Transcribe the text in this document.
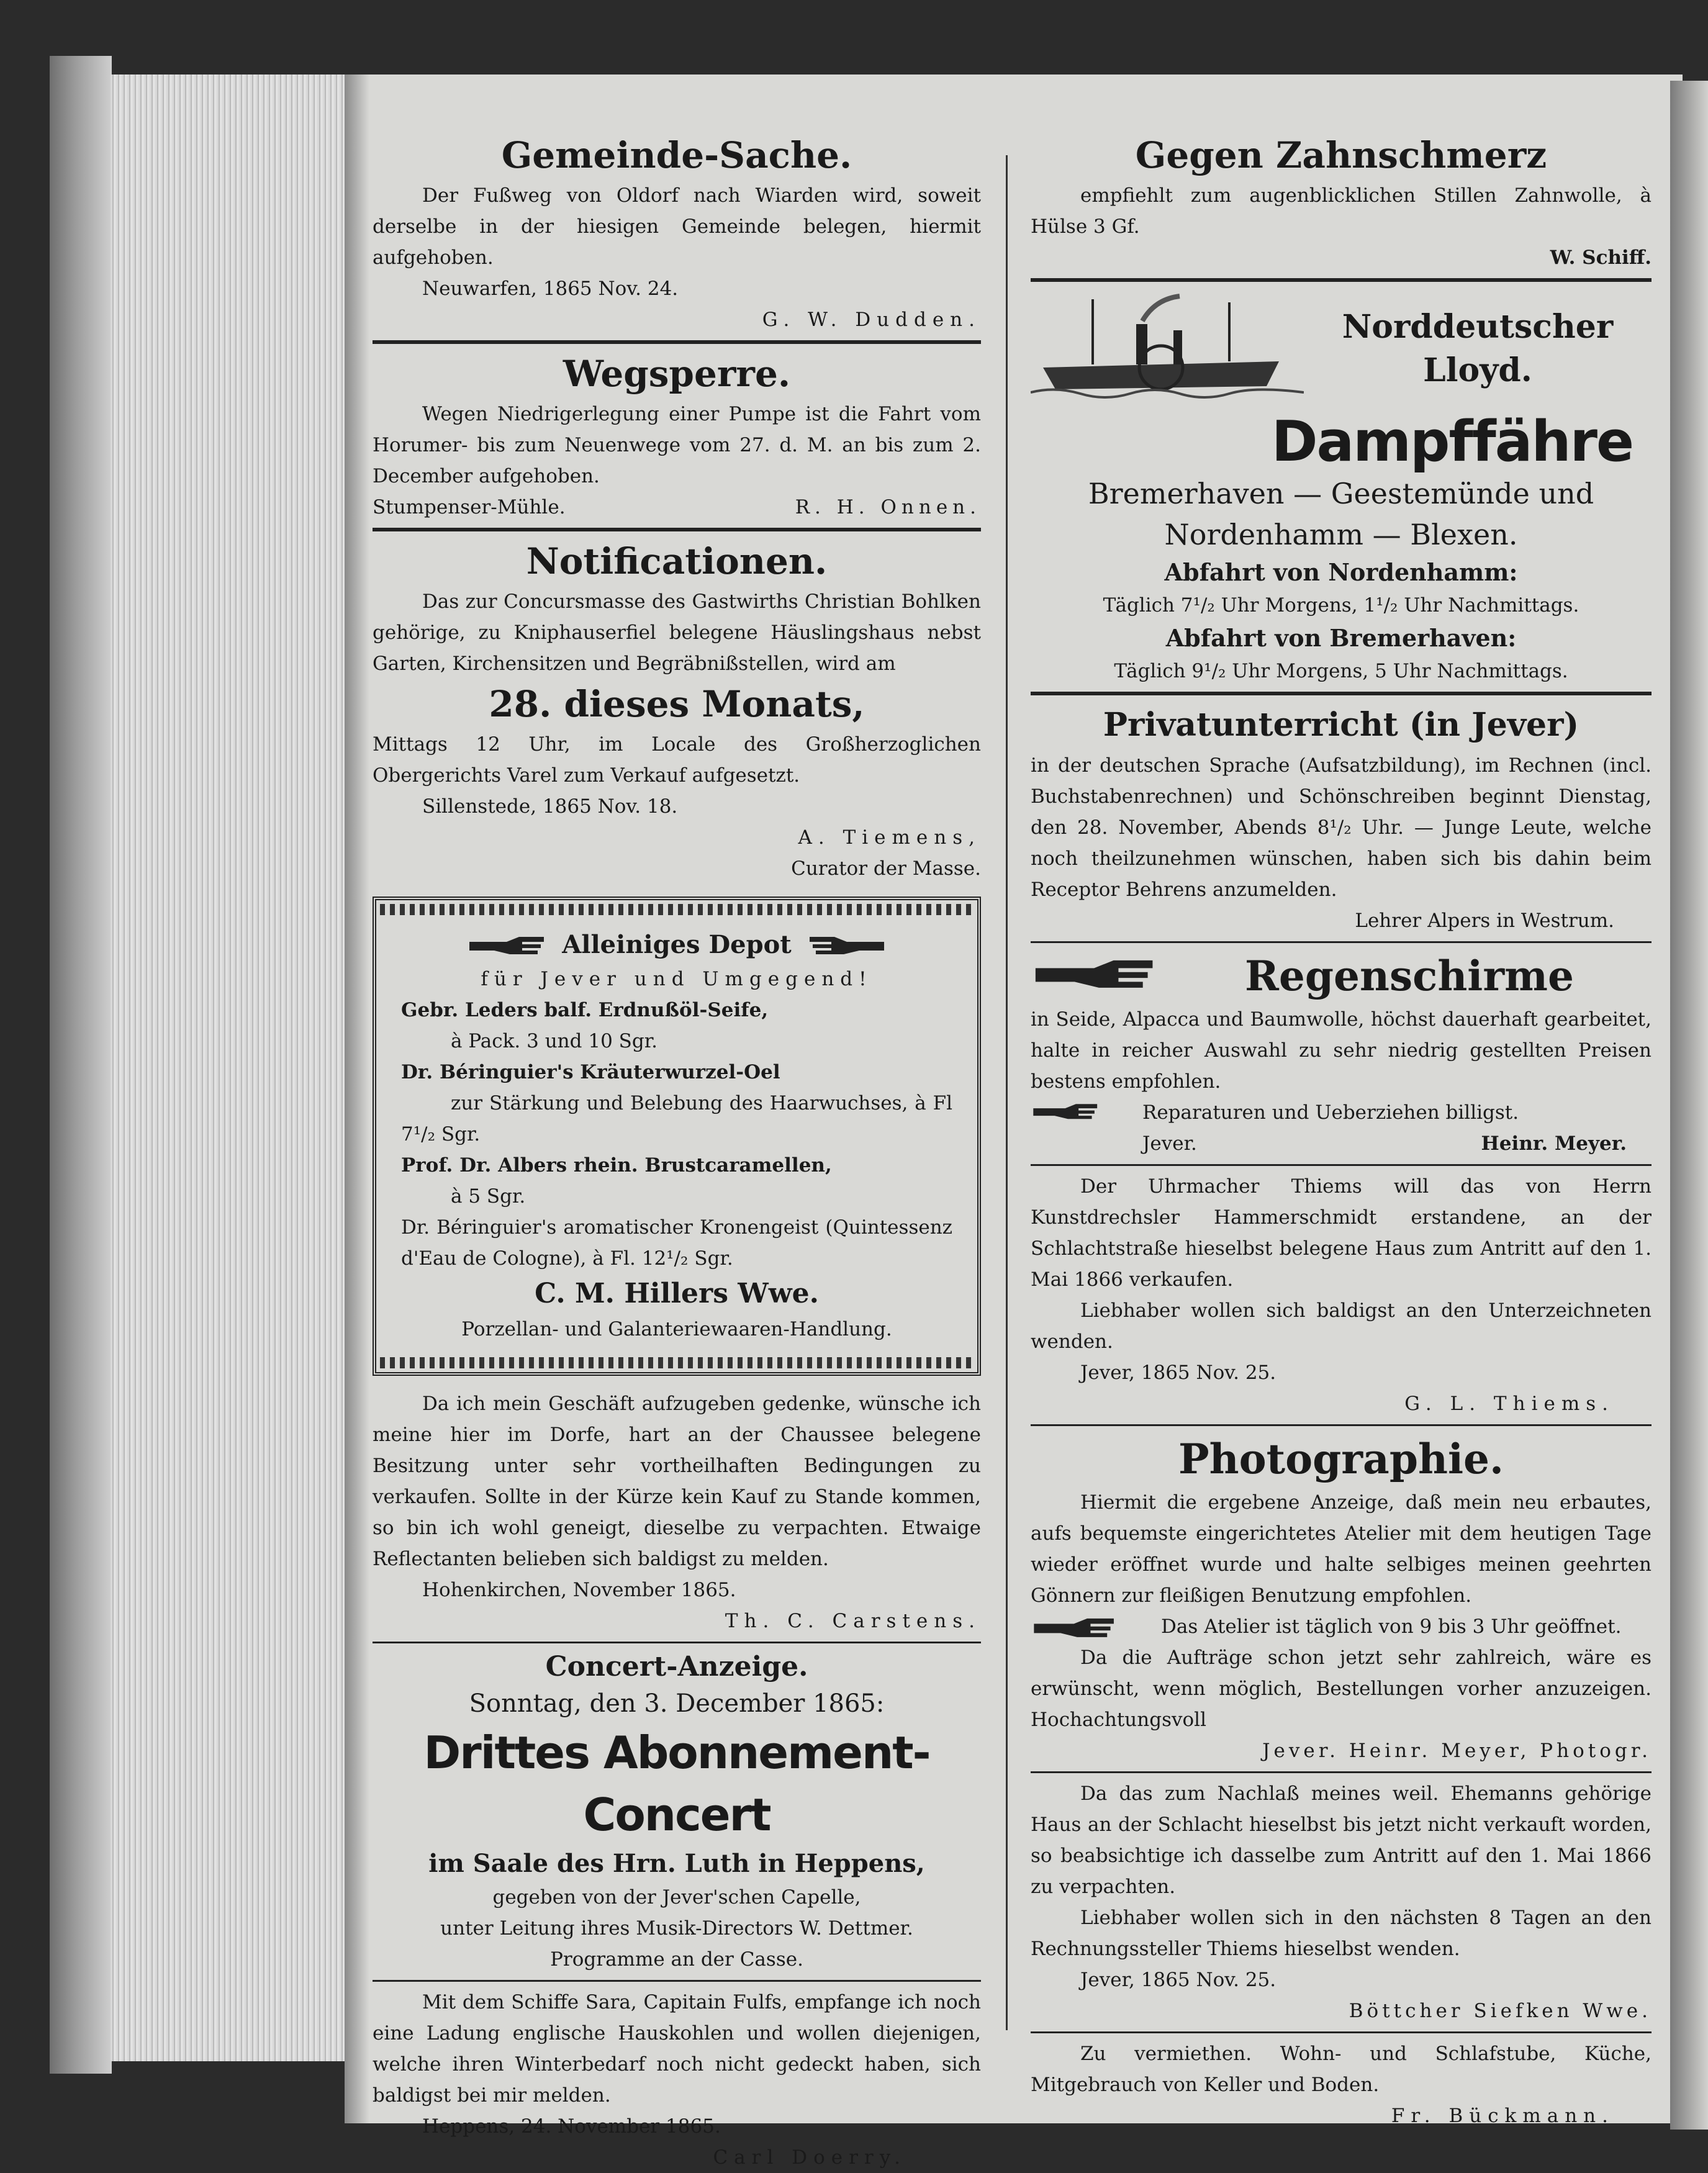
Gemeinde-Sache.

Der Fußweg von Oldorf nach Wiarden wird, soweit derselbe in der hiesigen Gemeinde belegen, hiermit aufgehoben.

Neuwarfen, 1865 Nov. 24.

G. W. Dudden.

Wegsperre.

Wegen Niedrigerlegung einer Pumpe ist die Fahrt vom Horumer- bis zum Neuenwege vom 27. d. M. an bis zum 2. December aufgehoben.

Stumpenser-Mühle.	R. H. Onnen.

Notificationen.

Das zur Concursmasse des Gastwirths Christian Bohlken gehörige, zu Kniphauserfiel belegene Häuslingshaus nebst Garten, Kirchensitzen und Begräbnißstellen, wird am

28. dieses Monats,

Mittags 12 Uhr, im Locale des Großherzoglichen Obergerichts Varel zum Verkauf aufgesetzt.

Sillenstede, 1865 Nov. 18.

A. Tiemens,

Curator der Masse.

Alleiniges Depot

für Jever und Umgegend!

Gebr. Leders balf. Erdnußöl-Seife,

à Pack. 3 und 10 Sgr.

Dr. Béringuier's Kräuterwurzel-Oel

zur Stärkung und Belebung des Haarwuchses, à Fl 7¹/₂ Sgr.

Prof. Dr. Albers rhein. Brustcaramellen,

à 5 Sgr.

Dr. Béringuier's aromatischer Kronengeist (Quintessenz d'Eau de Cologne), à Fl. 12¹/₂ Sgr.

C. M. Hillers Wwe.

Porzellan- und Galanteriewaaren-Handlung.

Da ich mein Geschäft aufzugeben gedenke, wünsche ich meine hier im Dorfe, hart an der Chaussee belegene Besitzung unter sehr vortheilhaften Bedingungen zu verkaufen. Sollte in der Kürze kein Kauf zu Stande kommen, so bin ich wohl geneigt, dieselbe zu verpachten. Etwaige Reflectanten belieben sich baldigst zu melden.

Hohenkirchen, November 1865.

Th. C. Carstens.

Concert-Anzeige.

Sonntag, den 3. December 1865:

Drittes Abonnement-Concert

im Saale des Hrn. Luth in Heppens,

gegeben von der Jever'schen Capelle,

unter Leitung ihres Musik-Directors W. Dettmer.

Programme an der Casse.

Mit dem Schiffe Sara, Capitain Fulfs, empfange ich noch eine Ladung englische Hauskohlen und wollen diejenigen, welche ihren Winterbedarf noch nicht gedeckt haben, sich baldigst bei mir melden.

Heppens, 24. November 1865.

Carl Doerry.

Gegen Zahnschmerz

empfiehlt zum augenblicklichen Stillen Zahnwolle, à Hülse 3 Gf.

W. Schiff.

Norddeutscher
Lloyd.

Dampffähre

Bremerhaven — Geestemünde und

Nordenhamm — Blexen.

Abfahrt von Nordenhamm:

Täglich 7¹/₂ Uhr Morgens, 1¹/₂ Uhr Nachmittags.

Abfahrt von Bremerhaven:

Täglich 9¹/₂ Uhr Morgens, 5 Uhr Nachmittags.

Privatunterricht (in Jever)

in der deutschen Sprache (Aufsatzbildung), im Rechnen (incl. Buchstabenrechnen) und Schönschreiben beginnt Dienstag, den 28. November, Abends 8¹/₂ Uhr. — Junge Leute, welche noch theilzunehmen wünschen, haben sich bis dahin beim Receptor Behrens anzumelden.

Lehrer Alpers in Westrum.

Regenschirme

in Seide, Alpacca und Baumwolle, höchst dauerhaft gearbeitet, halte in reicher Auswahl zu sehr niedrig gestellten Preisen bestens empfohlen.

Reparaturen und Ueberziehen billigst.

Jever.	Heinr. Meyer.

Der Uhrmacher Thiems will das von Herrn Kunstdrechsler Hammerschmidt erstandene, an der Schlachtstraße hieselbst belegene Haus zum Antritt auf den 1. Mai 1866 verkaufen.

Liebhaber wollen sich baldigst an den Unterzeichneten wenden.

Jever, 1865 Nov. 25.

G. L. Thiems.

Photographie.

Hiermit die ergebene Anzeige, daß mein neu erbautes, aufs bequemste eingerichtetes Atelier mit dem heutigen Tage wieder eröffnet wurde und halte selbiges meinen geehrten Gönnern zur fleißigen Benutzung empfohlen.

Das Atelier ist täglich von 9 bis 3 Uhr geöffnet.

Da die Aufträge schon jetzt sehr zahlreich, wäre es erwünscht, wenn möglich, Bestellungen vorher anzuzeigen. Hochachtungsvoll

Jever. Heinr. Meyer, Photogr.

Da das zum Nachlaß meines weil. Ehemanns gehörige Haus an der Schlacht hieselbst bis jetzt nicht verkauft worden, so beabsichtige ich dasselbe zum Antritt auf den 1. Mai 1866 zu verpachten.

Liebhaber wollen sich in den nächsten 8 Tagen an den Rechnungssteller Thiems hieselbst wenden.

Jever, 1865 Nov. 25.

Böttcher Siefken Wwe.

Zu vermiethen. Wohn- und Schlafstube, Küche, Mitgebrauch von Keller und Boden.

Fr. Bückmann.
